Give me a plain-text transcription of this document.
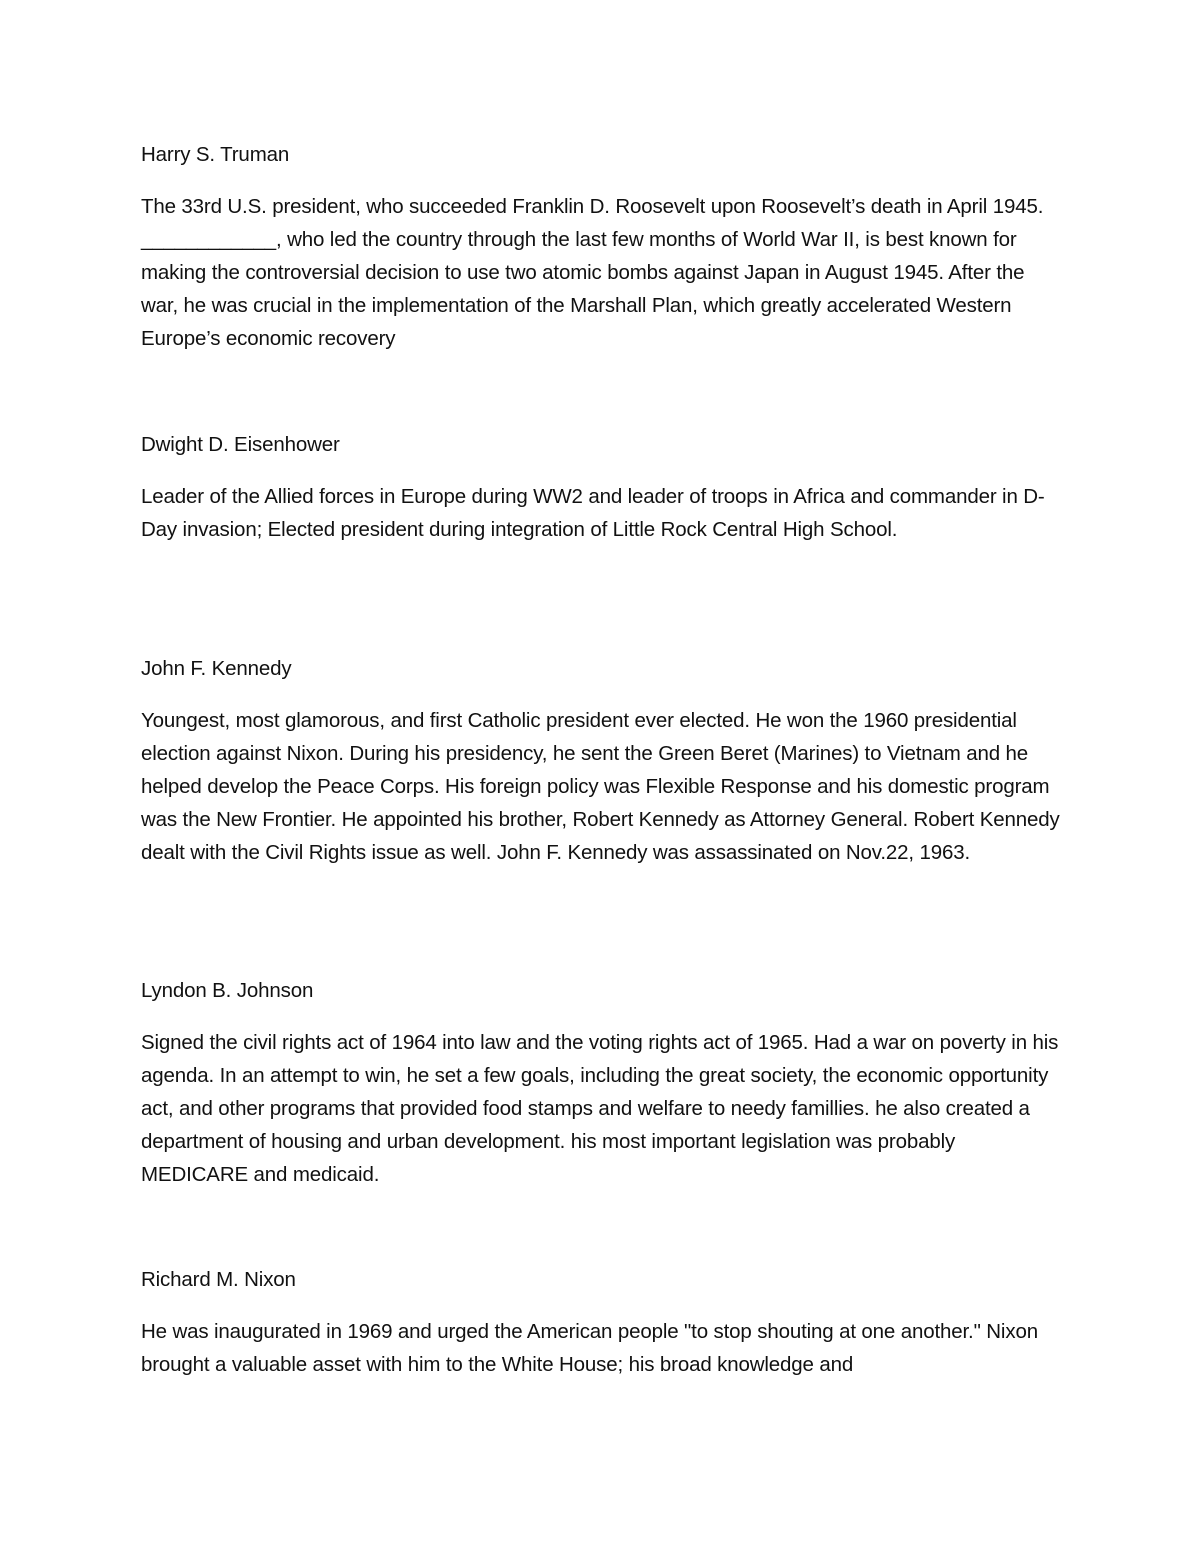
Harry S. Truman

The 33rd U.S. president, who succeeded Franklin D. Roosevelt upon Roosevelt’s death in April 1945. ____________, who led the country through the last few months of World War II, is best known for making the controversial decision to use two atomic bombs against Japan in August 1945. After the war, he was crucial in the implementation of the Marshall Plan, which greatly accelerated Western Europe’s economic recovery

Dwight D. Eisenhower

Leader of the Allied forces in Europe during WW2 and leader of troops in Africa and commander in D-Day invasion; Elected president during integration of Little Rock Central High School.

John F. Kennedy

Youngest, most glamorous, and first Catholic president ever elected. He won the 1960 presidential election against Nixon. During his presidency, he sent the Green Beret (Marines) to Vietnam and he helped develop the Peace Corps. His foreign policy was Flexible Response and his domestic program was the New Frontier. He appointed his brother, Robert Kennedy as Attorney General. Robert Kennedy dealt with the Civil Rights issue as well. John F. Kennedy was assassinated on Nov.22, 1963.

Lyndon B. Johnson

Signed the civil rights act of 1964 into law and the voting rights act of 1965. Had a war on poverty in his agenda. In an attempt to win, he set a few goals, including the great society, the economic opportunity act, and other programs that provided food stamps and welfare to needy famillies. he also created a department of housing and urban development. his most important legislation was probably MEDICARE and medicaid.

Richard M. Nixon

He was inaugurated in 1969 and urged the American people "to stop shouting at one another." Nixon brought a valuable asset with him to the White House; his broad knowledge and
